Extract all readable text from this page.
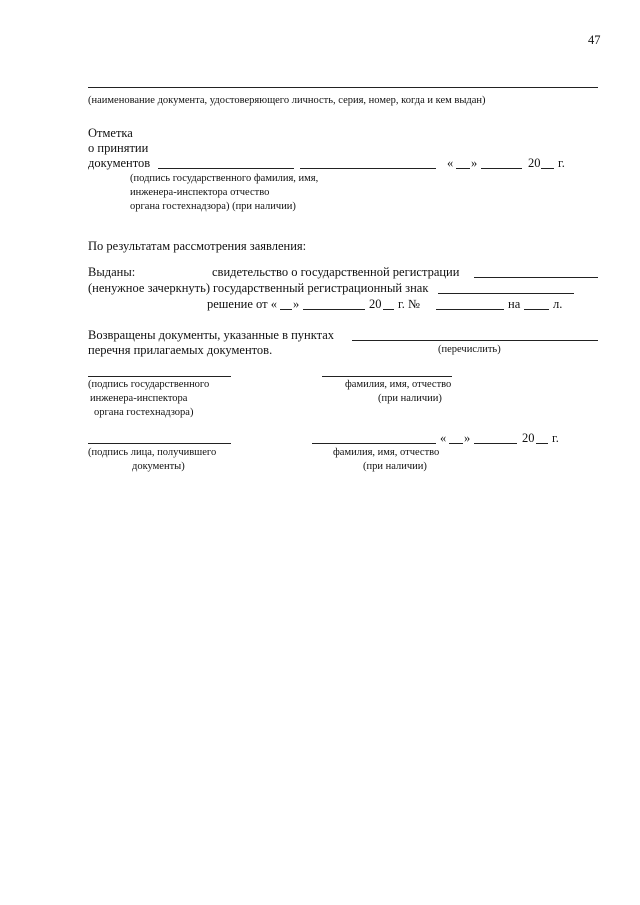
47
(наименование документа, удостоверяющего личность, серия, номер, когда и кем выдан)
Отметка
о принятии
документов	« »	20 г.
(подпись государственного фамилия, имя,
инженера-инспектора отчество
органа гостехнадзора) (при наличии)
По результатам рассмотрения заявления:
Выданы:	свидетельство о государственной регистрации
(ненужное зачеркнуть) государственный регистрационный знак
решение от « »	20 г. №	на	л.
Возвращены документы, указанные в пунктах
перечня прилагаемых документов.	(перечислить)
(подпись государственного
инженера-инспектора
органа гостехнадзора)
фамилия, имя, отчество
(при наличии)
« »	20 г.
(подпись лица, получившего
документы)
фамилия, имя, отчество
(при наличии)
